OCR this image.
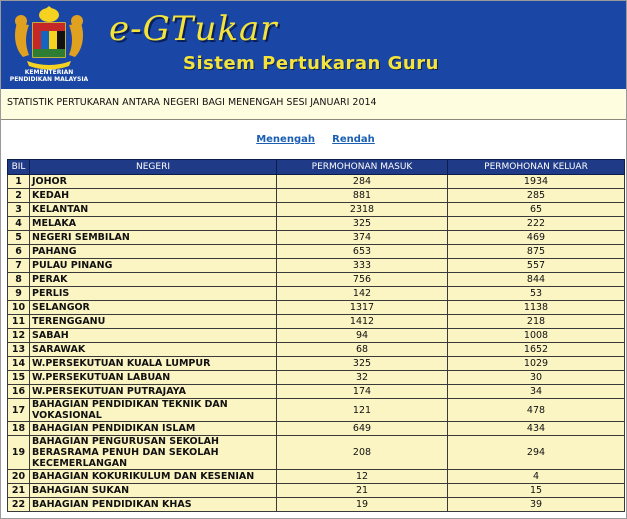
KEMENTERIAN PENDIDIKAN MALAYSIA
e-GTukar
Sistem Pertukaran Guru
STATISTIK PERTUKARAN ANTARA NEGERI BAGI MENENGAH SESI JANUARI 2014
Menengah Rendah
BIL	NEGERI	PERMOHONAN MASUK	PERMOHONAN KELUAR
1	JOHOR	284	1934
2	KEDAH	881	285
3	KELANTAN	2318	65
4	MELAKA	325	222
5	NEGERI SEMBILAN	374	469
6	PAHANG	653	875
7	PULAU PINANG	333	557
8	PERAK	756	844
9	PERLIS	142	53
10	SELANGOR	1317	1138
11	TERENGGANU	1412	218
12	SABAH	94	1008
13	SARAWAK	68	1652
14	W.PERSEKUTUAN KUALA LUMPUR	325	1029
15	W.PERSEKUTUAN LABUAN	32	30
16	W.PERSEKUTUAN PUTRAJAYA	174	34
17	BAHAGIAN PENDIDIKAN TEKNIK DAN VOKASIONAL	121	478
18	BAHAGIAN PENDIDIKAN ISLAM	649	434
19	BAHAGIAN PENGURUSAN SEKOLAH BERASRAMA PENUH DAN SEKOLAH KECEMERLANGAN	208	294
20	BAHAGIAN KOKURIKULUM DAN KESENIAN	12	4
21	BAHAGIAN SUKAN	21	15
22	BAHAGIAN PENDIDIKAN KHAS	19	39
